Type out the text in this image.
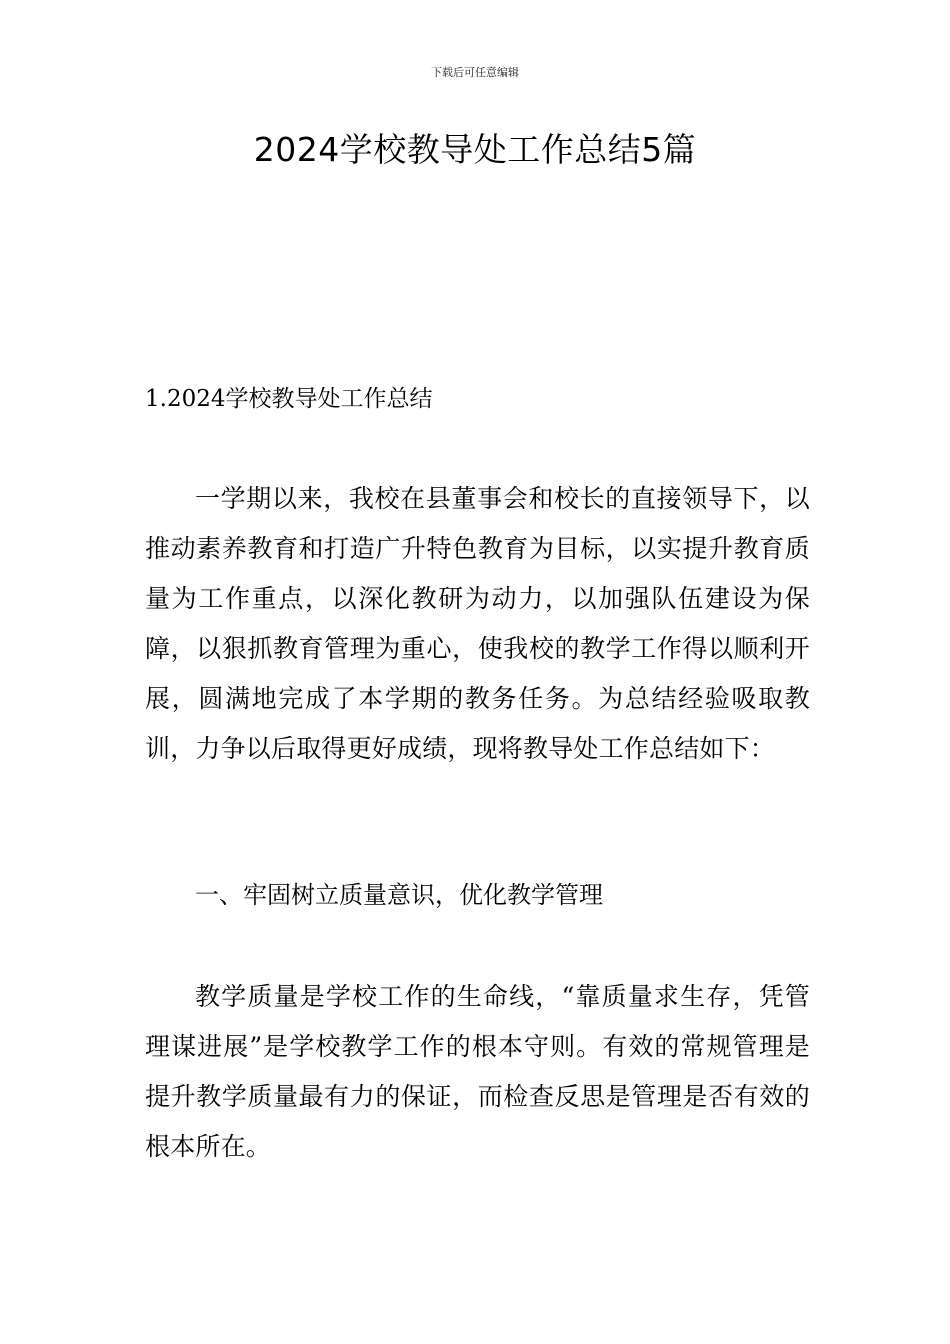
下载后可任意编辑
2024学校教导处工作总结5篇
1.2024学校教导处工作总结

一学期以来，我校在县董事会和校长的直接领导下，以推动素养教育和打造广升特色教育为目标，以实提升教育质量为工作重点，以深化教研为动力，以加强队伍建设为保障，以狠抓教育管理为重心，使我校的教学工作得以顺利开展，圆满地完成了本学期的教务任务。为总结经验吸取教训，力争以后取得更好成绩，现将教导处工作总结如下：

一、牢固树立质量意识，优化教学管理

教学质量是学校工作的生命线，“靠质量求生存，凭管理谋进展”是学校教学工作的根本守则。有效的常规管理是提升教学质量最有力的保证，而检查反思是管理是否有效的根本所在。
